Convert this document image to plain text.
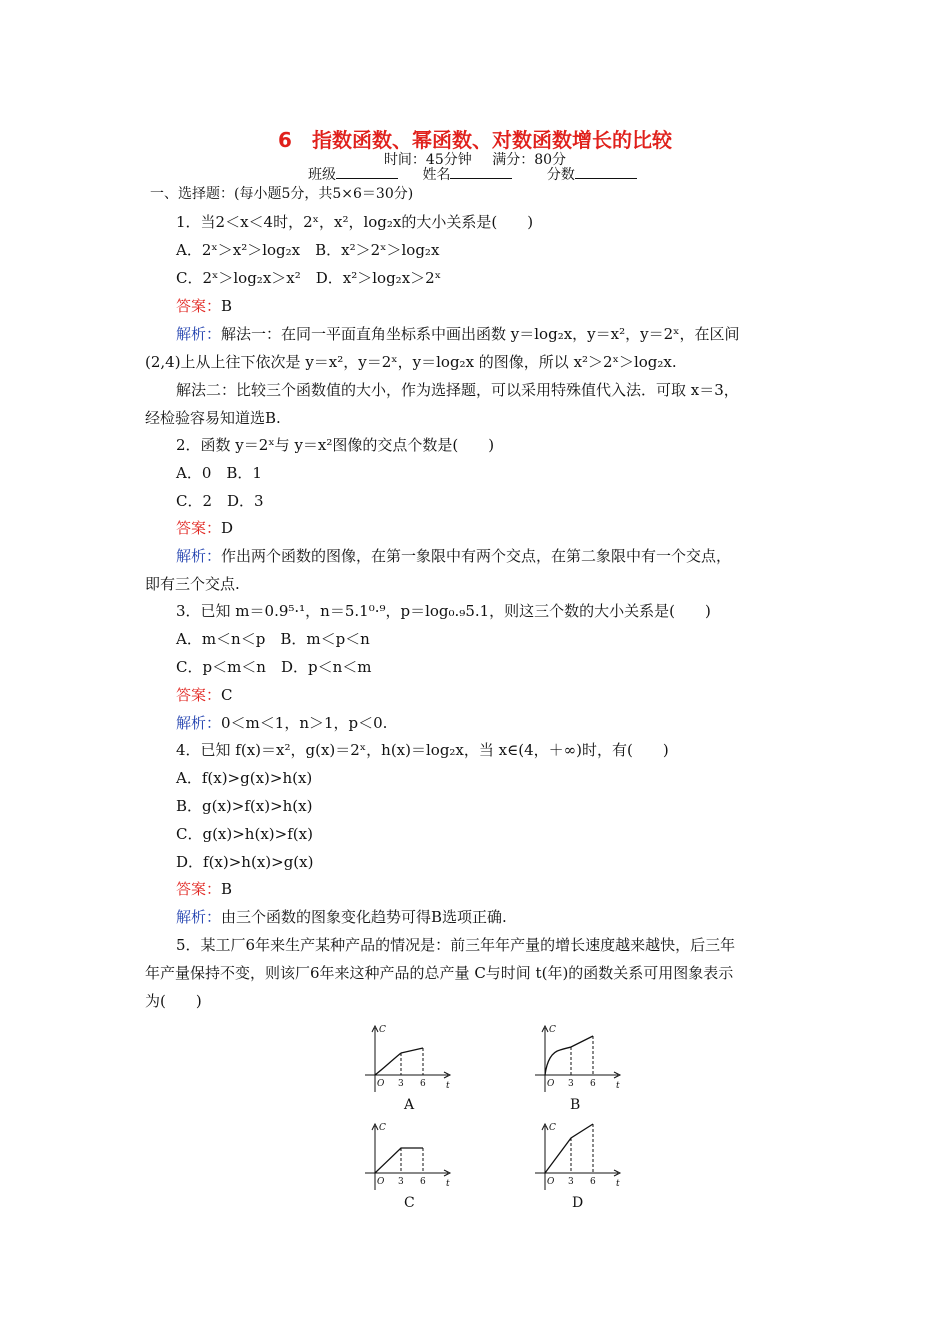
6　指数函数、幂函数、对数函数增长的比较
时间：45分钟 满分：80分
班级	姓名	分数
一、选择题：(每小题5分，共5×6＝30分)
1．当2＜x＜4时，2ˣ，x²，log₂x的大小关系是(　　)
A．2ˣ＞x²＞log₂x　B．x²＞2ˣ＞log₂x
C．2ˣ＞log₂x＞x²　D．x²＞log₂x＞2ˣ
答案：B
解析：解法一：在同一平面直角坐标系中画出函数 y＝log₂x，y＝x²，y＝2ˣ，在区间
(2,4)上从上往下依次是 y＝x²，y＝2ˣ，y＝log₂x 的图像，所以 x²＞2ˣ＞log₂x.
解法二：比较三个函数值的大小，作为选择题，可以采用特殊值代入法．可取 x＝3，
经检验容易知道选B.
2．函数 y＝2ˣ与 y＝x²图像的交点个数是(　　)
A．0　B．1
C．2　D．3
答案：D
解析：作出两个函数的图像，在第一象限中有两个交点，在第二象限中有一个交点，
即有三个交点.
3．已知 m＝0.9⁵·¹，n＝5.1⁰·⁹，p＝log₀.₉5.1，则这三个数的大小关系是(　　)
A．m＜n＜p　B．m＜p＜n
C．p＜m＜n　D．p＜n＜m
答案：C
解析：0＜m＜1，n＞1，p＜0.
4．已知 f(x)＝x²，g(x)＝2ˣ，h(x)＝log₂x，当 x∈(4，＋∞)时，有(　　)
A．f(x)>g(x)>h(x)
B．g(x)>f(x)>h(x)
C．g(x)>h(x)>f(x)
D．f(x)>h(x)>g(x)
答案：B
解析：由三个函数的图象变化趋势可得B选项正确.
5．某工厂6年来生产某种产品的情况是：前三年年产量的增长速度越来越快，后三年
年产量保持不变，则该厂6年来这种产品的总产量 C与时间 t(年)的函数关系可用图象表示
为(　　)
C
t
O 3 6
A
C
t
O 3 6
B
C
t
O 3 6
C
C
t
O 3 6
D
